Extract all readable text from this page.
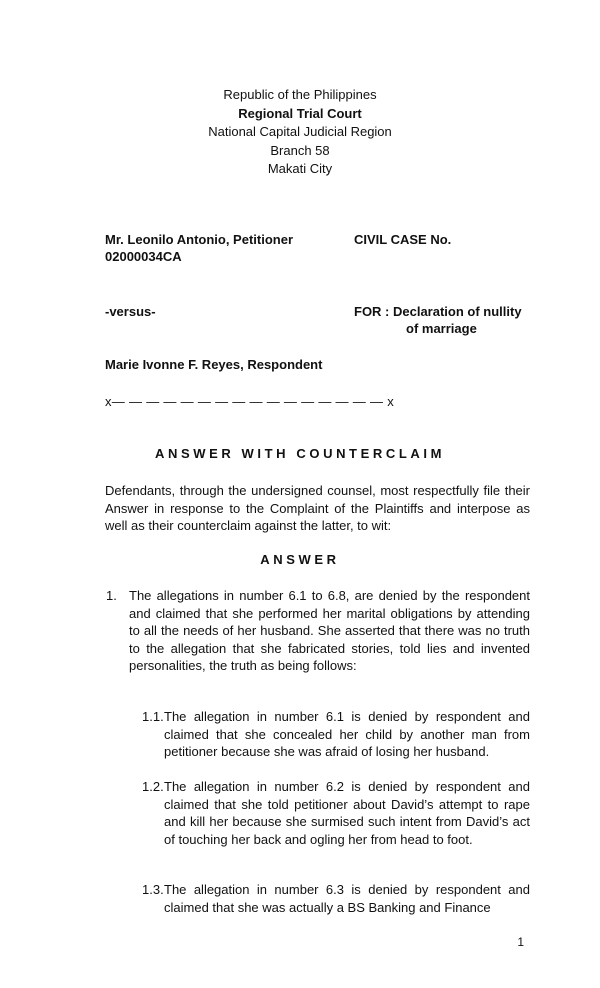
Republic of the Philippines
Regional Trial Court
National Capital Judicial Region
Branch 58
Makati City
Mr. Leonilo Antonio, Petitioner	CIVIL CASE No.
02000034CA
-versus-	FOR : Declaration of nullity
of marriage
Marie Ivonne F. Reyes, Respondent
x— — — — — — — — — — — — — — — — x
ANSWER WITH COUNTERCLAIM
Defendants, through the undersigned counsel, most respectfully file their Answer in response to the Complaint of the Plaintiffs and interpose as well as their counterclaim against the latter, to wit:
ANSWER
1. The allegations in number 6.1 to 6.8, are denied by the respondent and claimed that she performed her marital obligations by attending to all the needs of her husband. She asserted that there was no truth to the allegation that she fabricated stories, told lies and invented personalities, the truth as being follows:
1.1. The allegation in number 6.1 is denied by respondent and claimed that she concealed her child by another man from petitioner because she was afraid of losing her husband.
1.2. The allegation in number 6.2 is denied by respondent and claimed that she told petitioner about David’s attempt to rape and kill her because she surmised such intent from David’s act of touching her back and ogling her from head to foot.
1.3. The allegation in number 6.3 is denied by respondent and claimed that she was actually a BS Banking and Finance
1
